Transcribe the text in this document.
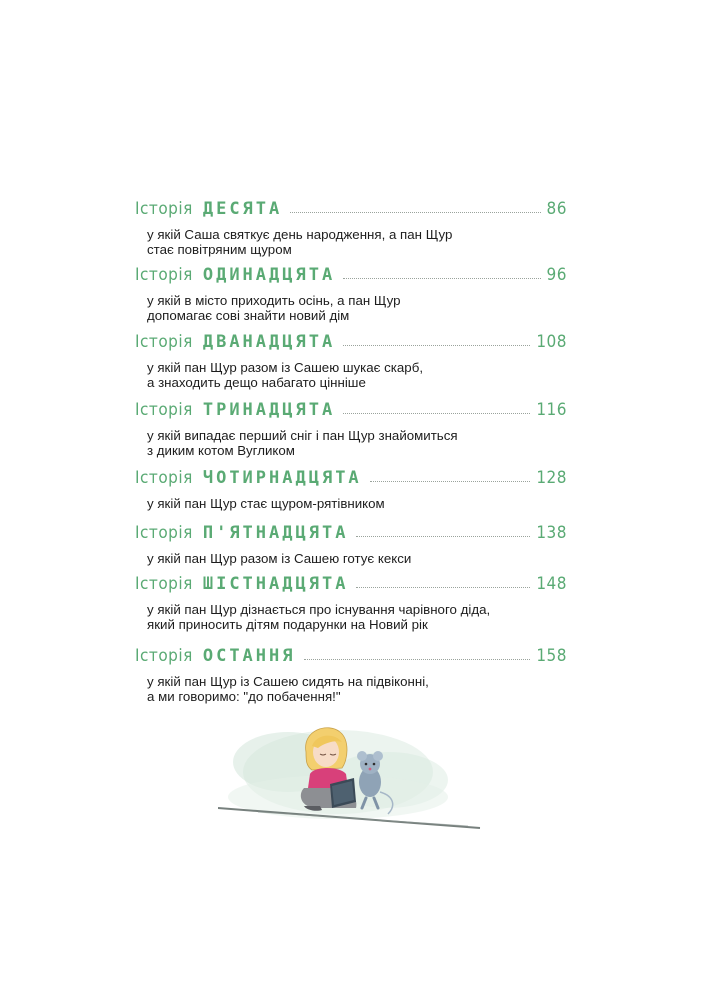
Історія ДЕСЯТА	86
у якій Саша святкує день народження, а пан Щур
стає повітряним щуром
Історія ОДИНАДЦЯТА	96
у якій в місто приходить осінь, а пан Щур
допомагає сові знайти новий дім
Історія ДВАНАДЦЯТА	108
у якій пан Щур разом із Сашею шукає скарб,
а знаходить дещо набагато цінніше
Історія ТРИНАДЦЯТА	116
у якій випадає перший сніг і пан Щур знайомиться
з диким котом Вугликом
Історія ЧОТИРНАДЦЯТА	128
у якій пан Щур стає щуром-рятівником
Історія П'ЯТНАДЦЯТА	138
у якій пан Щур разом із Сашею готує кекси
Історія ШІСТНАДЦЯТА	148
у якій пан Щур дізнається про існування чарівного діда,
який приносить дітям подарунки на Новий рік
Історія ОСТАННЯ	158
у якій пан Щур із Сашею сидять на підвіконні,
а ми говоримо: "до побачення!"
